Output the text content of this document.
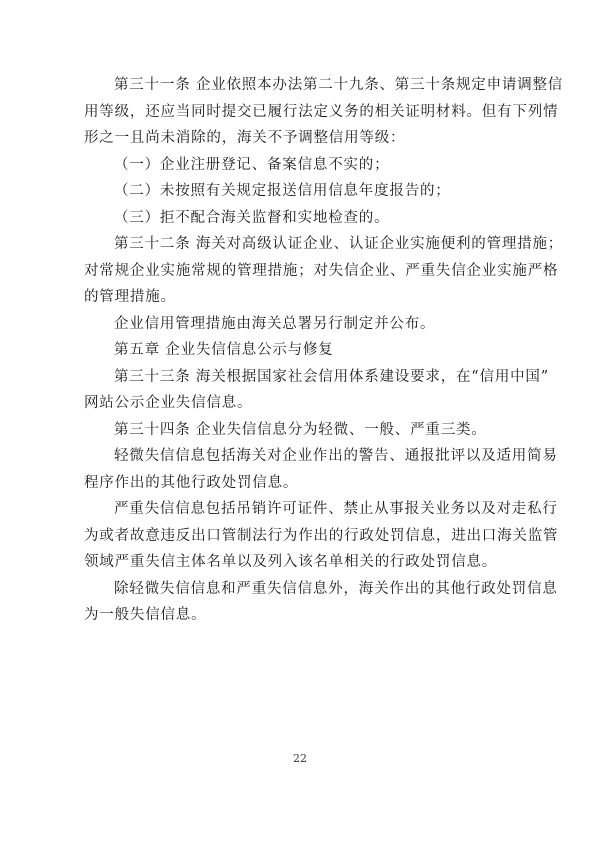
第三十一条 企业依照本办法第二十九条、第三十条规定申请调整信

用等级，还应当同时提交已履行法定义务的相关证明材料。但有下列情

形之一且尚未消除的，海关不予调整信用等级：

（一）企业注册登记、备案信息不实的；

（二）未按照有关规定报送信用信息年度报告的；

（三）拒不配合海关监督和实地检查的。

第三十二条 海关对高级认证企业、认证企业实施便利的管理措施；

对常规企业实施常规的管理措施；对失信企业、严重失信企业实施严格

的管理措施。

企业信用管理措施由海关总署另行制定并公布。

第五章 企业失信信息公示与修复

第三十三条 海关根据国家社会信用体系建设要求，在“信用中国”

网站公示企业失信信息。

第三十四条 企业失信信息分为轻微、一般、严重三类。

轻微失信信息包括海关对企业作出的警告、通报批评以及适用简易

程序作出的其他行政处罚信息。

严重失信信息包括吊销许可证件、禁止从事报关业务以及对走私行

为或者故意违反出口管制法行为作出的行政处罚信息，进出口海关监管

领域严重失信主体名单以及列入该名单相关的行政处罚信息。

除轻微失信信息和严重失信信息外，海关作出的其他行政处罚信息

为一般失信信息。

22
